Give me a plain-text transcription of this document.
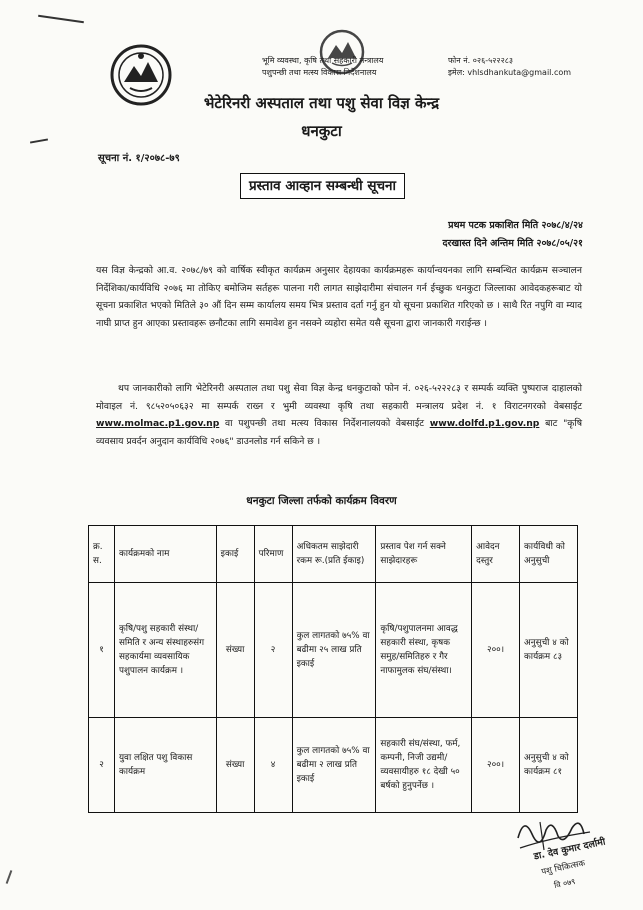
भूमि व्यवस्था, कृषि तथा सहकारी मन्त्रालय
पशुपन्छी तथा मत्स्य विकास निर्देशनालय
फोन नं. ०२६-५२२२८३
इमेल: vhlsdhankuta@gmail.com
भेटेरिनरी अस्पताल तथा पशु सेवा विज्ञ केन्द्र
धनकुटा
सूचना नं. १/२०७८-७९
प्रस्ताव आव्हान सम्बन्धी सूचना
प्रथम पटक प्रकाशित मिति २०७८/४/२४
दरखास्त दिने अन्तिम मिति २०७८/०५/२१
यस विज्ञ केन्द्रको आ.व. २०७८/७९ को वार्षिक स्वीकृत कार्यक्रम अनुसार देहायका कार्यक्रमहरू कार्यान्वयनका लागि सम्बन्धित कार्यक्रम सञ्चालन निर्देशिका/कार्यविधि २०७६ मा तोकिए बमोजिम सर्तहरू पालना गरी लागत साझेदारीमा संचालन गर्न ईच्छुक धनकुटा जिल्लाका आवेदकहरूबाट यो सूचना प्रकाशित भएको मितिले ३० औं दिन सम्म कार्यालय समय भित्र प्रस्ताव दर्ता गर्नु हुन यो सूचना प्रकाशित गरिएको छ । साथै रित नपुगि वा म्याद नाघी प्राप्त हुन आएका प्रस्तावहरू छनौटका लागि समावेश हुन नसक्ने व्यहोरा समेत यसै सूचना द्वारा जानकारी गराईन्छ ।
थप जानकारीको लागि भेटेरिनरी अस्पताल तथा पशु सेवा विज्ञ केन्द्र धनकुटाको फोन नं. ०२६-५२२२८३ र सम्पर्क व्यक्ति पुष्पराज दाहालको मोवाइल नं. ९८५२०५०६३२ मा सम्पर्क राख्न र भुमी व्यवस्था कृषि तथा सहकारी मन्त्रालय प्रदेश नं. १ विराटनगरको वेबसाईट www.molmac.p1.gov.np वा पशुपन्छी तथा मत्स्य विकास निर्देशनालयको वेबसाईट www.dolfd.p1.gov.np बाट "कृषि व्यवसाय प्रवर्दन अनुदान कार्यविधि २०७६" डाउनलोड गर्न सकिने छ ।
धनकुटा जिल्ला तर्फको कार्यक्रम विवरण
क्र. स.	कार्यक्रमको नाम	इकाई	परिमाण	अधिकतम साझेदारी रकम रू.(प्रति ईकाइ)	प्रस्ताव पेश गर्न सक्ने साझेदारहरू	आवेदन दस्तुर	कार्यविधी को अनुसुची
१	कृषि/पशु सहकारी संस्था/समिति र अन्य संस्थाहरुसंग सहकार्यमा व्यवसायिक पशुपालन कार्यक्रम ।	संख्या	२	कुल लागतको ७५% वा बढीमा २५ लाख प्रति इकाई	कृषि/पशुपालनमा आवद्ध सहकारी संस्था, कृषक समुह/समितिहरु र गैर नाफामुलक संघ/संस्था।	२००।	अनुसुची ४ को कार्यक्रम ८३
२	युवा लक्षित पशु विकास कार्यक्रम	संख्या	४	कुल लागतको ७५% वा बढीमा २ लाख प्रति इकाई	सहकारी संघ/संस्था, फर्म, कम्पनी, निजी उद्यमी/व्यवसायीहरु १८ देखी ५० बर्षको हुनुपर्नेछ ।	२००।	अनुसुची ४ को कार्यक्रम ८१
डा. देव कुमार दर्लामी
पशु चिकित्सक
वि ०७९
